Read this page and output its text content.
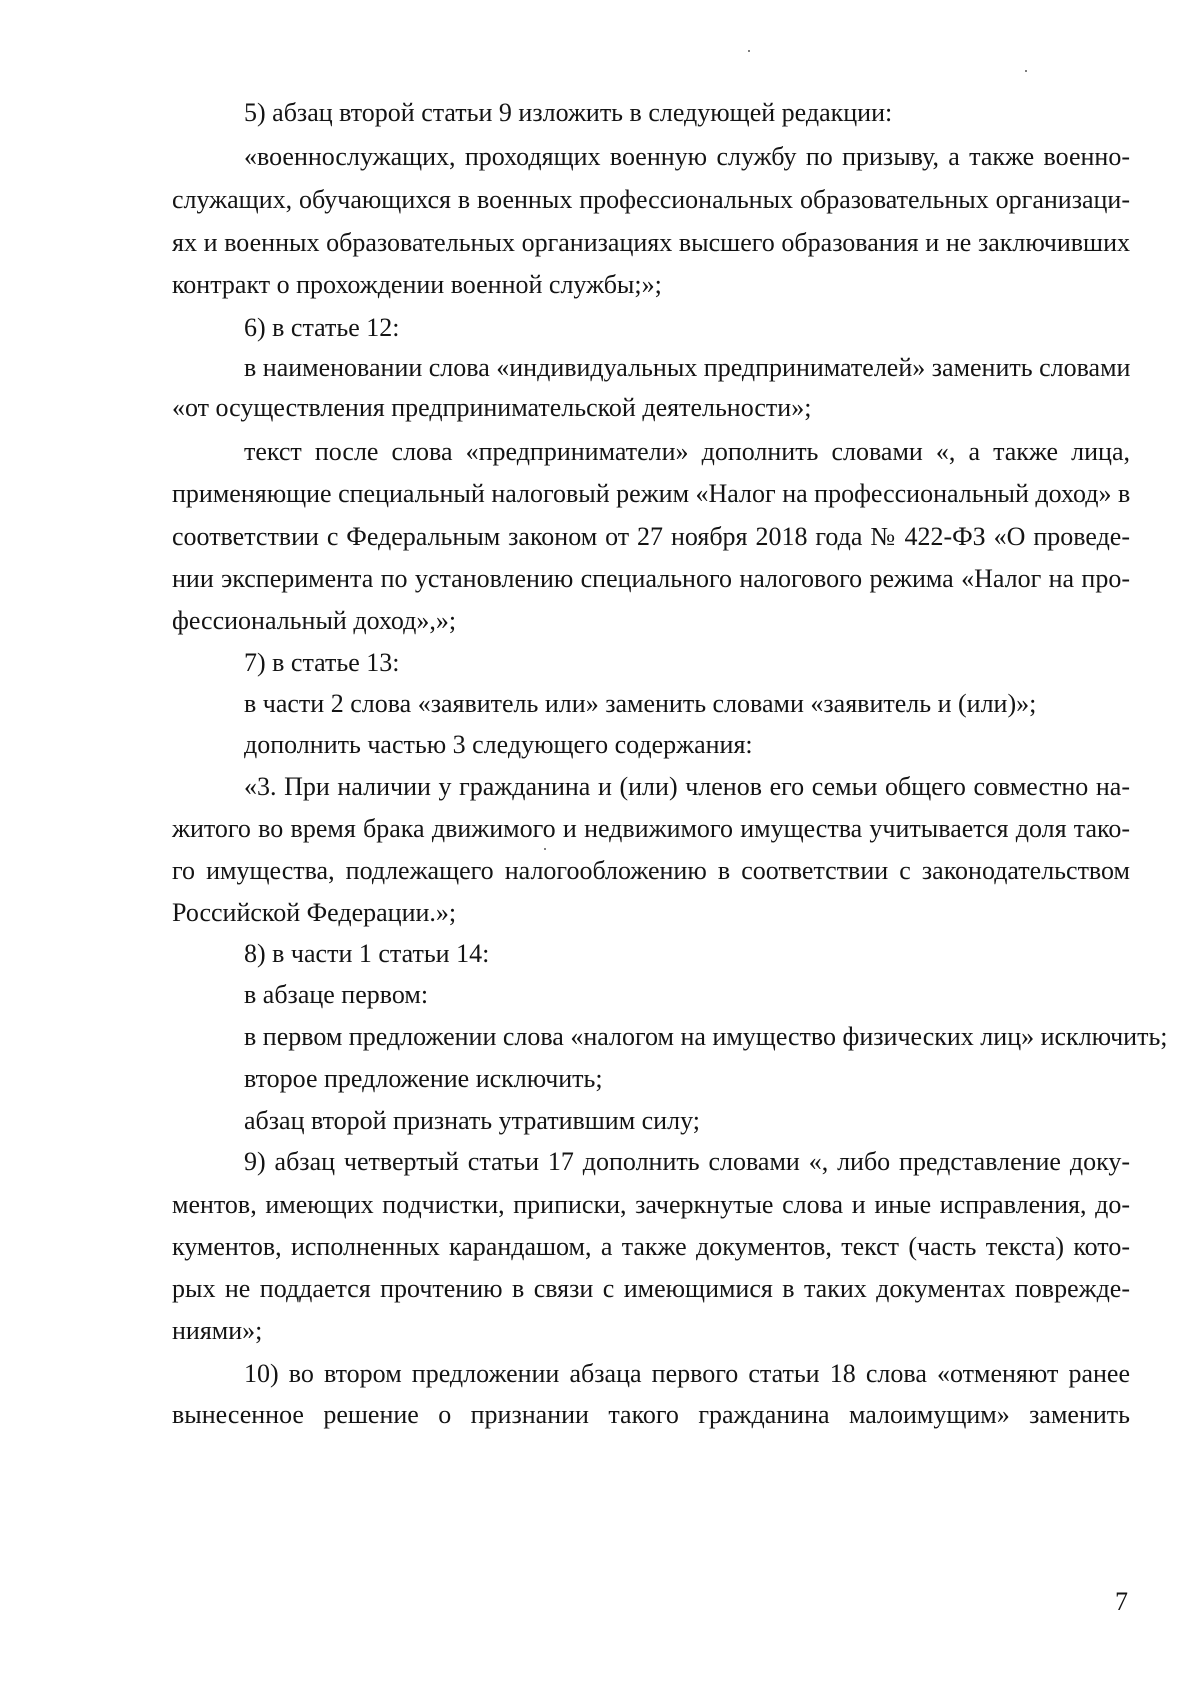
5) абзац второй статьи 9 изложить в следующей редакции:
«военнослужащих, проходящих военную службу по призыву, а также военно-
служащих, обучающихся в военных профессиональных образовательных организаци-
ях и военных образовательных организациях высшего образования и не заключивших
контракт о прохождении военной службы;»;
6) в статье 12:
в наименовании слова «индивидуальных предпринимателей» заменить словами
«от осуществления предпринимательской деятельности»;
текст после слова «предприниматели» дополнить словами «, а также лица,
применяющие специальный налоговый режим «Налог на профессиональный доход» в
соответствии с Федеральным законом от 27 ноября 2018 года № 422-ФЗ «О проведе-
нии эксперимента по установлению специального налогового режима «Налог на про-
фессиональный доход»,»;
7) в статье 13:
в части 2 слова «заявитель или» заменить словами «заявитель и (или)»;
дополнить частью 3 следующего содержания:
«3. При наличии у гражданина и (или) членов его семьи общего совместно на-
житого во время брака движимого и недвижимого имущества учитывается доля тако-
го имущества, подлежащего налогообложению в соответствии с законодательством
Российской Федерации.»;
8) в части 1 статьи 14:
в абзаце первом:
в первом предложении слова «налогом на имущество физических лиц» исключить;
второе предложение исключить;
абзац второй признать утратившим силу;
9) абзац четвертый статьи 17 дополнить словами «, либо представление доку-
ментов, имеющих подчистки, приписки, зачеркнутые слова и иные исправления, до-
кументов, исполненных карандашом, а также документов, текст (часть текста) кото-
рых не поддается прочтению в связи с имеющимися в таких документах поврежде-
ниями»;
10) во втором предложении абзаца первого статьи 18 слова «отменяют ранее
вынесенное решение о признании такого гражданина малоимущим» заменить
7
